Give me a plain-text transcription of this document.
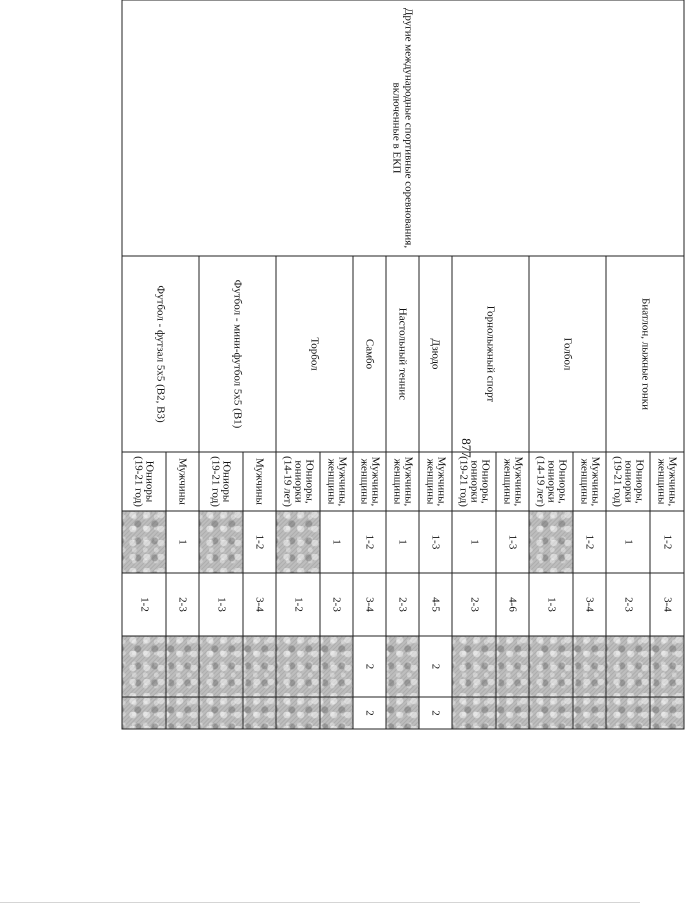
877
Другие международные спортивные соревнования, включенные в ЕКП	Биатлон, лыжные гонки	Мужчины, женщины	1-2	3-4		
		Юниоры, юниорки (19-21 год)	1	2-3		
	Голбол	Мужчины, женщины	1-2	3-4		
		Юниоры, юниорки (14-19 лет)		1-3		
	Горнолыжный спорт	Мужчины, женщины	1-3	4-6		
		Юниоры, юниорки (19-21 год)	1	2-3		
	Дзюдо	Мужчины, женщины	1-3	4-5	2	2
	Настольный теннис	Мужчины, женщины	1	2-3		
	Самбо	Мужчины, женщины	1-2	3-4	2	2
	Торбол	Мужчины, женщины	1	2-3		
		Юниоры, юниорки (14-19 лет)		1-2		
	Футбол - мини-футбол 5х5 (В1)	Мужчины	1-2	3-4		
		Юниоры (19-21 год)		1-3		
	Футбол - футзал 5х5 (В2, В3)	Мужчины	1	2-3		
		Юниоры (19-21 год)		1-2		
